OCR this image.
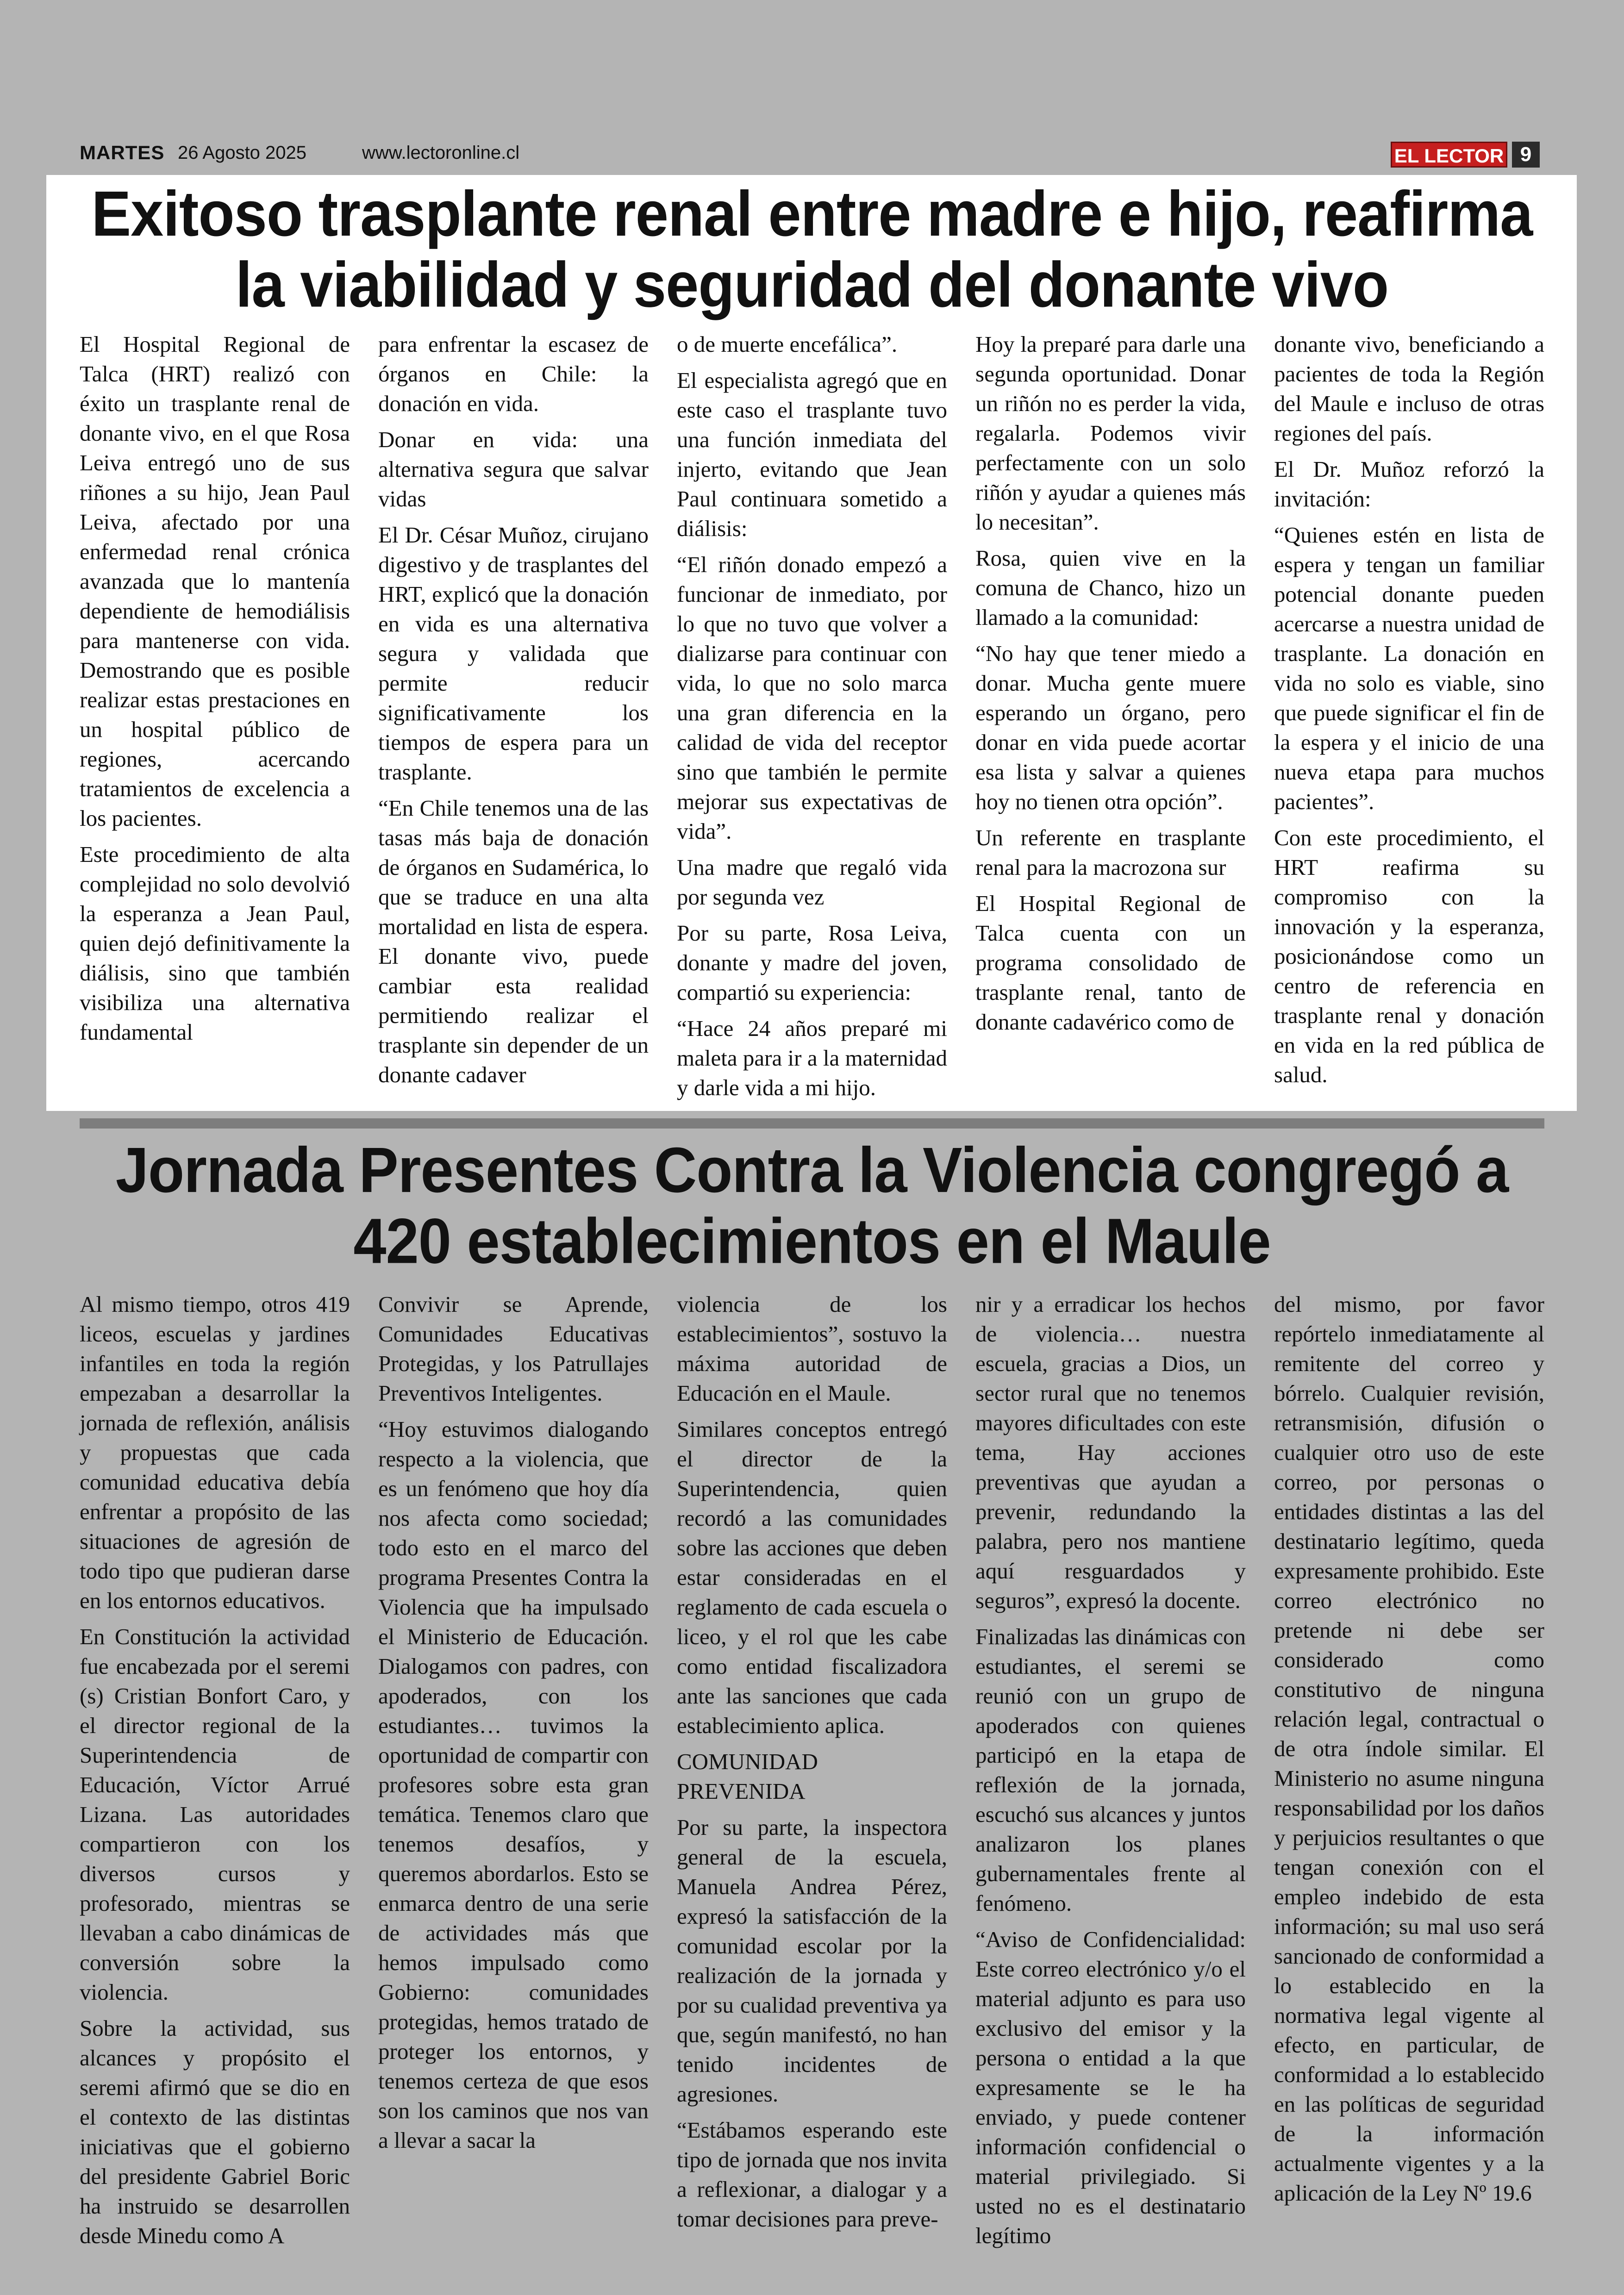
MARTES 26 Agosto 2025	www.lectoronline.cl	EL LECTOR 9
Exitoso trasplante renal entre madre e hijo, reafirma la viabilidad y seguridad del donante vivo

El Hospital Regional de Talca (HRT) realizó con éxito un trasplante renal de donante vivo, en el que Rosa Leiva entregó uno de sus riñones a su hijo, Jean Paul Leiva, afectado por una enfermedad renal crónica avanzada que lo mantenía dependiente de hemodiálisis para mantenerse con vida. Demostrando que es posible realizar estas prestaciones en un hospital público de regiones, acercando tratamientos de excelencia a los pacientes.

Este procedimiento de alta complejidad no solo devolvió la esperanza a Jean Paul, quien dejó definitivamente la diálisis, sino que también visibiliza una alternativa fundamental

para enfrentar la escasez de órganos en Chile: la donación en vida.

Donar en vida: una alternativa segura que salvar vidas

El Dr. César Muñoz, cirujano digestivo y de trasplantes del HRT, explicó que la donación en vida es una alternativa segura y validada que permite reducir significativamente los tiempos de espera para un trasplante.

“En Chile tenemos una de las tasas más baja de donación de órganos en Sudamérica, lo que se traduce en una alta mortalidad en lista de espera. El donante vivo, puede cambiar esta realidad permitiendo realizar el trasplante sin depender de un donante cadaver

o de muerte encefálica”.

El especialista agregó que en este caso el trasplante tuvo una función inmediata del injerto, evitando que Jean Paul continuara sometido a diálisis:

“El riñón donado empezó a funcionar de inmediato, por lo que no tuvo que volver a dializarse para continuar con vida, lo que no solo marca una gran diferencia en la calidad de vida del receptor sino que también le permite mejorar sus expectativas de vida”.

Una madre que regaló vida por segunda vez

Por su parte, Rosa Leiva, donante y madre del joven, compartió su experiencia:

“Hace 24 años preparé mi maleta para ir a la maternidad y darle vida a mi hijo.

Hoy la preparé para darle una segunda oportunidad. Donar un riñón no es perder la vida, regalarla. Podemos vivir perfectamente con un solo riñón y ayudar a quienes más lo necesitan”.

Rosa, quien vive en la comuna de Chanco, hizo un llamado a la comunidad:

“No hay que tener miedo a donar. Mucha gente muere esperando un órgano, pero donar en vida puede acortar esa lista y salvar a quienes hoy no tienen otra opción”.

Un referente en trasplante renal para la macrozona sur

El Hospital Regional de Talca cuenta con un programa consolidado de trasplante renal, tanto de donante cadavérico como de

donante vivo, beneficiando a pacientes de toda la Región del Maule e incluso de otras regiones del país.

El Dr. Muñoz reforzó la invitación:

“Quienes estén en lista de espera y tengan un familiar potencial donante pueden acercarse a nuestra unidad de trasplante. La donación en vida no solo es viable, sino que puede significar el fin de la espera y el inicio de una nueva etapa para muchos pacientes”.

Con este procedimiento, el HRT reafirma su compromiso con la innovación y la esperanza, posicionándose como un centro de referencia en trasplante renal y donación en vida en la red pública de salud.

Jornada Presentes Contra la Violencia congregó a 420 establecimientos en el Maule

Al mismo tiempo, otros 419 liceos, escuelas y jardines infantiles en toda la región empezaban a desarrollar la jornada de reflexión, análisis y propuestas que cada comunidad educativa debía enfrentar a propósito de las situaciones de agresión de todo tipo que pudieran darse en los entornos educativos.

En Constitución la actividad fue encabezada por el seremi (s) Cristian Bonfort Caro, y el director regional de la Superintendencia de Educación, Víctor Arrué Lizana. Las autoridades compartieron con los diversos cursos y profesorado, mientras se llevaban a cabo dinámicas de conversión sobre la violencia.

Sobre la actividad, sus alcances y propósito el seremi afirmó que se dio en el contexto de las distintas iniciativas que el gobierno del presidente Gabriel Boric ha instruido se desarrollen desde Minedu como A

Convivir se Aprende, Comunidades Educativas Protegidas, y los Patrullajes Preventivos Inteligentes.

“Hoy estuvimos dialogando respecto a la violencia, que es un fenómeno que hoy día nos afecta como sociedad; todo esto en el marco del programa Presentes Contra la Violencia que ha impulsado el Ministerio de Educación. Dialogamos con padres, con apoderados, con los estudiantes… tuvimos la oportunidad de compartir con profesores sobre esta gran temática. Tenemos claro que tenemos desafíos, y queremos abordarlos. Esto se enmarca dentro de una serie de actividades más que hemos impulsado como Gobierno: comunidades protegidas, hemos tratado de proteger los entornos, y tenemos certeza de que esos son los caminos que nos van a llevar a sacar la

violencia de los establecimientos”, sostuvo la máxima autoridad de Educación en el Maule.

Similares conceptos entregó el director de la Superintendencia, quien recordó a las comunidades sobre las acciones que deben estar consideradas en el reglamento de cada escuela o liceo, y el rol que les cabe como entidad fiscalizadora ante las sanciones que cada establecimiento aplica.

COMUNIDAD PREVENIDA

Por su parte, la inspectora general de la escuela, Manuela Andrea Pérez, expresó la satisfacción de la comunidad escolar por la realización de la jornada y por su cualidad preventiva ya que, según manifestó, no han tenido incidentes de agresiones.

“Estábamos esperando este tipo de jornada que nos invita a reflexionar, a dialogar y a tomar decisiones para preve-

nir y a erradicar los hechos de violencia… nuestra escuela, gracias a Dios, un sector rural que no tenemos mayores dificultades con este tema, Hay acciones preventivas que ayudan a prevenir, redundando la palabra, pero nos mantiene aquí resguardados y seguros”, expresó la docente.

Finalizadas las dinámicas con estudiantes, el seremi se reunió con un grupo de apoderados con quienes participó en la etapa de reflexión de la jornada, escuchó sus alcances y juntos analizaron los planes gubernamentales frente al fenómeno.

“Aviso de Confidencialidad: Este correo electrónico y/o el material adjunto es para uso exclusivo del emisor y la persona o entidad a la que expresamente se le ha enviado, y puede contener información confidencial o material privilegiado. Si usted no es el destinatario legítimo

del mismo, por favor repórtelo inmediatamente al remitente del correo y bórrelo. Cualquier revisión, retransmisión, difusión o cualquier otro uso de este correo, por personas o entidades distintas a las del destinatario legítimo, queda expresamente prohibido. Este correo electrónico no pretende ni debe ser considerado como constitutivo de ninguna relación legal, contractual o de otra índole similar. El Ministerio no asume ninguna responsabilidad por los daños y perjuicios resultantes o que tengan conexión con el empleo indebido de esta información; su mal uso será sancionado de conformidad a lo establecido en la normativa legal vigente al efecto, en particular, de conformidad a lo establecido en las políticas de seguridad de la información actualmente vigentes y a la aplicación de la Ley Nº 19.6
